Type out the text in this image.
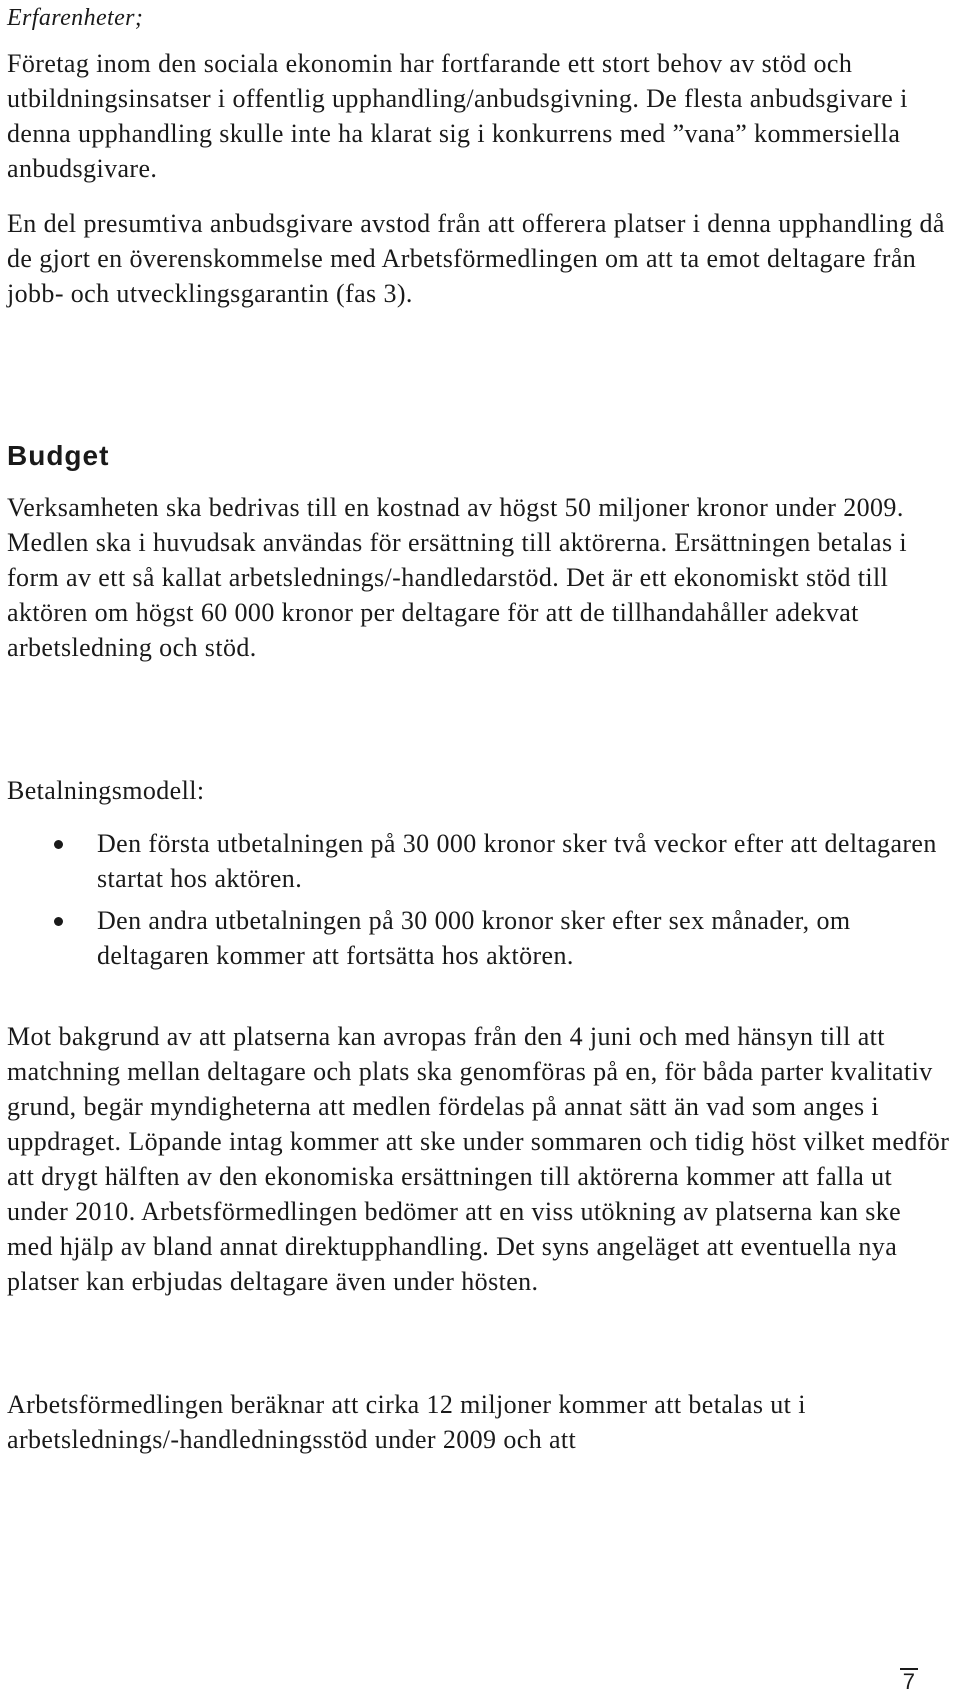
Erfarenheter;

Företag inom den sociala ekonomin har fortfarande ett stort behov av stöd och utbildningsinsatser i offentlig upphandling/anbudsgivning. De flesta anbudsgivare i denna upphandling skulle inte ha klarat sig i konkurrens med ”vana” kommersiella anbudsgivare.

En del presumtiva anbudsgivare avstod från att offerera platser i denna upphandling då de gjort en överenskommelse med Arbetsförmedlingen om att ta emot deltagare från jobb- och utvecklingsgarantin (fas 3).

Budget

Verksamheten ska bedrivas till en kostnad av högst 50 miljoner kronor under 2009. Medlen ska i huvudsak användas för ersättning till aktörerna. Ersättningen betalas i form av ett så kallat arbetslednings/-handledarstöd. Det är ett ekonomiskt stöd till aktören om högst 60 000 kronor per deltagare för att de tillhandahåller adekvat arbetsledning och stöd.

Betalningsmodell:

Den första utbetalningen på 30 000 kronor sker två veckor efter att deltagaren startat hos aktören.
Den andra utbetalningen på 30 000 kronor sker efter sex månader, om deltagaren kommer att fortsätta hos aktören.

Mot bakgrund av att platserna kan avropas från den 4 juni och med hänsyn till att matchning mellan deltagare och plats ska genomföras på en, för båda parter kvalitativ grund, begär myndigheterna att medlen fördelas på annat sätt än vad som anges i uppdraget. Löpande intag kommer att ske under sommaren och tidig höst vilket medför att drygt hälften av den ekonomiska ersättningen till aktörerna kommer att falla ut under 2010. Arbetsförmedlingen bedömer att en viss utökning av platserna kan ske med hjälp av bland annat direktupphandling. Det syns angeläget att eventuella nya platser kan erbjudas deltagare även under hösten.

Arbetsförmedlingen beräknar att cirka 12 miljoner kommer att betalas ut i arbetslednings/-handledningsstöd under 2009 och att

7
